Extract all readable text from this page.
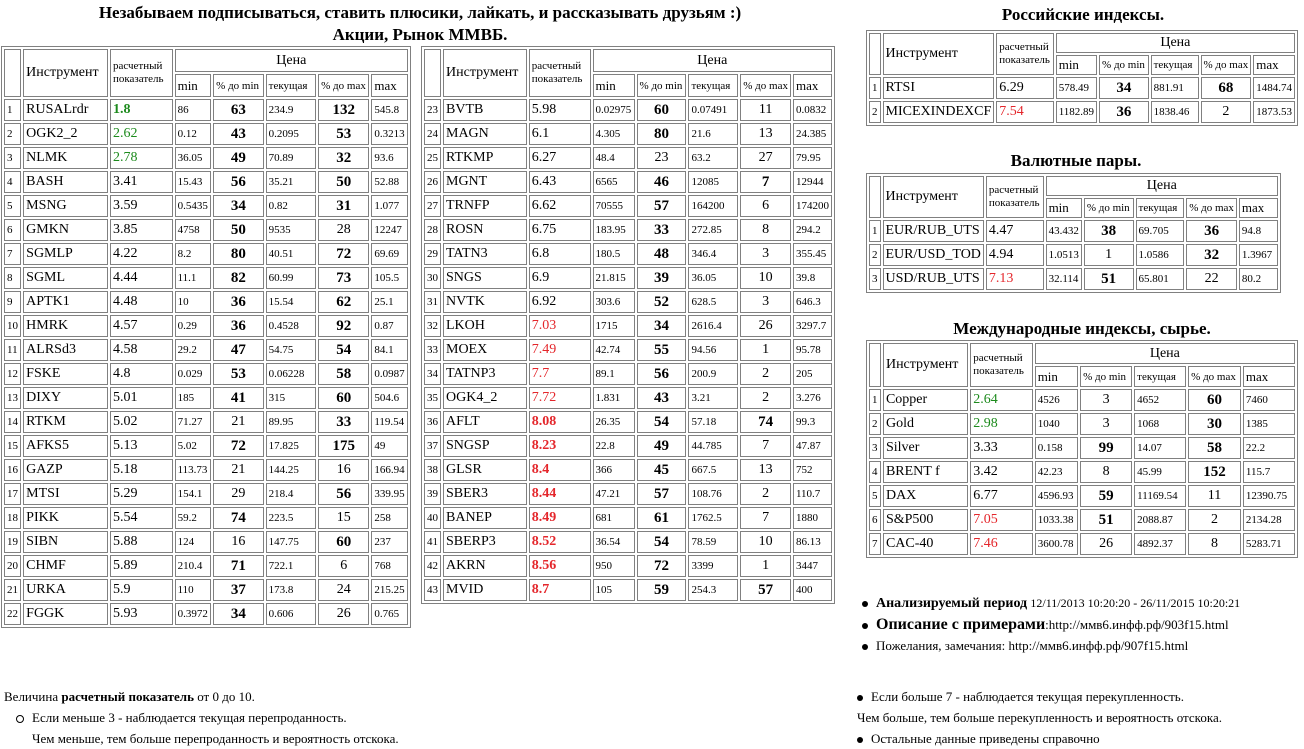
Незабываем подписываться, ставить плюсики, лайкать, и рассказывать друзьям :)
Акции, Рынок ММВБ.
	Инструмент	расчетный показатель	Цена				
			min	% до min	текущая	% до max	max
1	RUSALrdr	1.8	86	63	234.9	132	545.8
2	OGK2_2	2.62	0.12	43	0.2095	53	0.3213
3	NLMK	2.78	36.05	49	70.89	32	93.6
4	BASH	3.41	15.43	56	35.21	50	52.88
5	MSNG	3.59	0.5435	34	0.82	31	1.077
6	GMKN	3.85	4758	50	9535	28	12247
7	SGMLP	4.22	8.2	80	40.51	72	69.69
8	SGML	4.44	11.1	82	60.99	73	105.5
9	APTK1	4.48	10	36	15.54	62	25.1
10	HMRK	4.57	0.29	36	0.4528	92	0.87
11	ALRSd3	4.58	29.2	47	54.75	54	84.1
12	FSKE	4.8	0.029	53	0.06228	58	0.0987
13	DIXY	5.01	185	41	315	60	504.6
14	RTKM	5.02	71.27	21	89.95	33	119.54
15	AFKS5	5.13	5.02	72	17.825	175	49
16	GAZP	5.18	113.73	21	144.25	16	166.94
17	MTSI	5.29	154.1	29	218.4	56	339.95
18	PIKK	5.54	59.2	74	223.5	15	258
19	SIBN	5.88	124	16	147.75	60	237
20	CHMF	5.89	210.4	71	722.1	6	768
21	URKA	5.9	110	37	173.8	24	215.25
22	FGGK	5.93	0.3972	34	0.606	26	0.765
	Инструмент	расчетный показатель	Цена				
			min	% до min	текущая	% до max	max
23	BVTB	5.98	0.02975	60	0.07491	11	0.0832
24	MAGN	6.1	4.305	80	21.6	13	24.385
25	RTKMP	6.27	48.4	23	63.2	27	79.95
26	MGNT	6.43	6565	46	12085	7	12944
27	TRNFP	6.62	70555	57	164200	6	174200
28	ROSN	6.75	183.95	33	272.85	8	294.2
29	TATN3	6.8	180.5	48	346.4	3	355.45
30	SNGS	6.9	21.815	39	36.05	10	39.8
31	NVTK	6.92	303.6	52	628.5	3	646.3
32	LKOH	7.03	1715	34	2616.4	26	3297.7
33	MOEX	7.49	42.74	55	94.56	1	95.78
34	TATNP3	7.7	89.1	56	200.9	2	205
35	OGK4_2	7.72	1.831	43	3.21	2	3.276
36	AFLT	8.08	26.35	54	57.18	74	99.3
37	SNGSP	8.23	22.8	49	44.785	7	47.87
38	GLSR	8.4	366	45	667.5	13	752
39	SBER3	8.44	47.21	57	108.76	2	110.7
40	BANEP	8.49	681	61	1762.5	7	1880
41	SBERP3	8.52	36.54	54	78.59	10	86.13
42	AKRN	8.56	950	72	3399	1	3447
43	MVID	8.7	105	59	254.3	57	400
Российские индексы.
	Инструмент	расчетный показатель	Цена				
			min	% до min	текущая	% до max	max
1	RTSI	6.29	578.49	34	881.91	68	1484.74
2	MICEXINDEXCF	7.54	1182.89	36	1838.46	2	1873.53
Валютные пары.
	Инструмент	расчетный показатель	Цена				
			min	% до min	текущая	% до max	max
1	EUR/RUB_UTS	4.47	43.432	38	69.705	36	94.8
2	EUR/USD_TOD	4.94	1.0513	1	1.0586	32	1.3967
3	USD/RUB_UTS	7.13	32.114	51	65.801	22	80.2
Международные индексы, сырье.
	Инструмент	расчетный показатель	Цена				
			min	% до min	текущая	% до max	max
1	Copper	2.64	4526	3	4652	60	7460
2	Gold	2.98	1040	3	1068	30	1385
3	Silver	3.33	0.158	99	14.07	58	22.2
4	BRENT f	3.42	42.23	8	45.99	152	115.7
5	DAX	6.77	4596.93	59	11169.54	11	12390.75
6	S&P500	7.05	1033.38	51	2088.87	2	2134.28
7	CAC-40	7.46	3600.78	26	4892.37	8	5283.71
Анализируемый период 12/11/2013 10:20:20 - 26/11/2015 10:20:21
Описание с примерами:http://ммв6.инфф.рф/903f15.html
Пожелания, замечания: http://ммв6.инфф.рф/907f15.html
Величина расчетный показатель от 0 до 10.
Если меньше 3 - наблюдается текущая перепроданность.
Чем меньше, тем больше перепроданность и вероятность отскока.
Если больше 7 - наблюдается текущая перекупленность.
Чем больше, тем больше перекупленность и вероятность отскока.
Остальные данные приведены справочно
